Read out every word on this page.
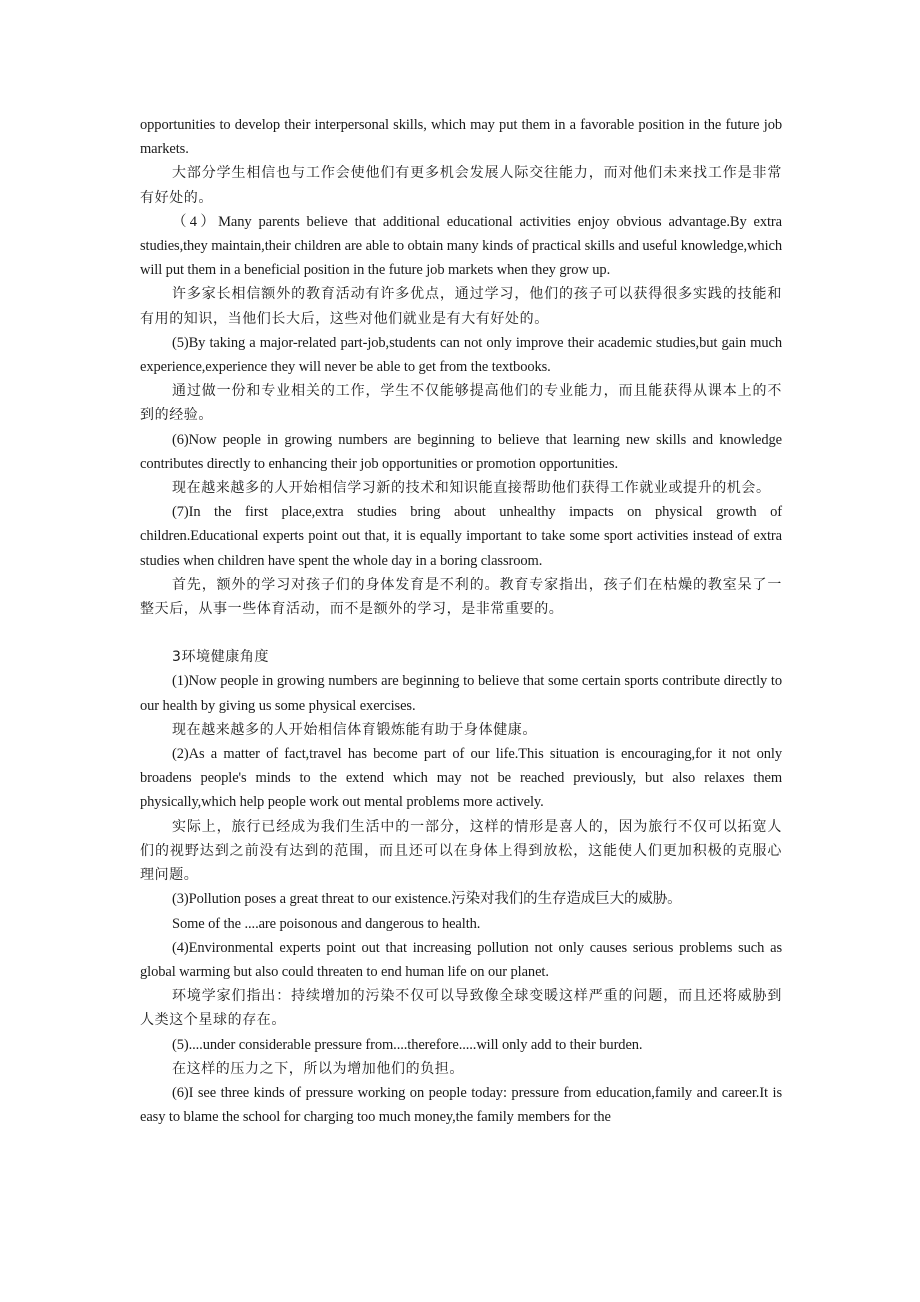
opportunities to develop their interpersonal skills, which may put them in a favorable position in the future job markets.

大部分学生相信也与工作会使他们有更多机会发展人际交往能力，而对他们未来找工作是非常有好处的。

（4）Many parents believe that additional educational activities enjoy obvious advantage.By extra studies,they maintain,their children are able to obtain many kinds of practical skills and useful knowledge,which will put them in a beneficial position in the future job markets when they grow up.

许多家长相信额外的教育活动有许多优点，通过学习，他们的孩子可以获得很多实践的技能和有用的知识，当他们长大后，这些对他们就业是有大有好处的。

(5)By taking a major-related part-job,students can not only improve their academic studies,but gain much experience,experience they will never be able to get from the textbooks.

通过做一份和专业相关的工作，学生不仅能够提高他们的专业能力，而且能获得从课本上的不到的经验。

(6)Now people in growing numbers are beginning to believe that learning new skills and knowledge contributes directly to enhancing their job opportunities or promotion opportunities.

现在越来越多的人开始相信学习新的技术和知识能直接帮助他们获得工作就业或提升的机会。

(7)In the first place,extra studies bring about unhealthy impacts on physical growth of children.Educational experts point out that, it is equally important to take some sport activities instead of extra studies when children have spent the whole day in a boring classroom.

首先，额外的学习对孩子们的身体发育是不利的。教育专家指出，孩子们在枯燥的教室呆了一整天后，从事一些体育活动，而不是额外的学习，是非常重要的。

3环境健康角度

(1)Now people in growing numbers are beginning to believe that some certain sports contribute directly to our health by giving us some physical exercises.

现在越来越多的人开始相信体育锻炼能有助于身体健康。

(2)As a matter of fact,travel has become part of our life.This situation is encouraging,for it not only broadens people's minds to the extend which may not be reached previously, but also relaxes them physically,which help people work out mental problems more actively.

实际上，旅行已经成为我们生活中的一部分，这样的情形是喜人的，因为旅行不仅可以拓宽人们的视野达到之前没有达到的范围，而且还可以在身体上得到放松，这能使人们更加积极的克服心理问题。

(3)Pollution poses a great threat to our existence.污染对我们的生存造成巨大的威胁。

Some of the ....are poisonous and dangerous to health.

(4)Environmental experts point out that increasing pollution not only causes serious problems such as global warming but also could threaten to end human life on our planet.

环境学家们指出：持续增加的污染不仅可以导致像全球变暖这样严重的问题，而且还将威胁到人类这个星球的存在。

(5)....under considerable pressure from....therefore.....will only add to their burden.

在这样的压力之下，所以为增加他们的负担。

(6)I see three kinds of pressure working on people today: pressure from education,family and career.It is easy to blame the school for charging too much money,the family members for the
